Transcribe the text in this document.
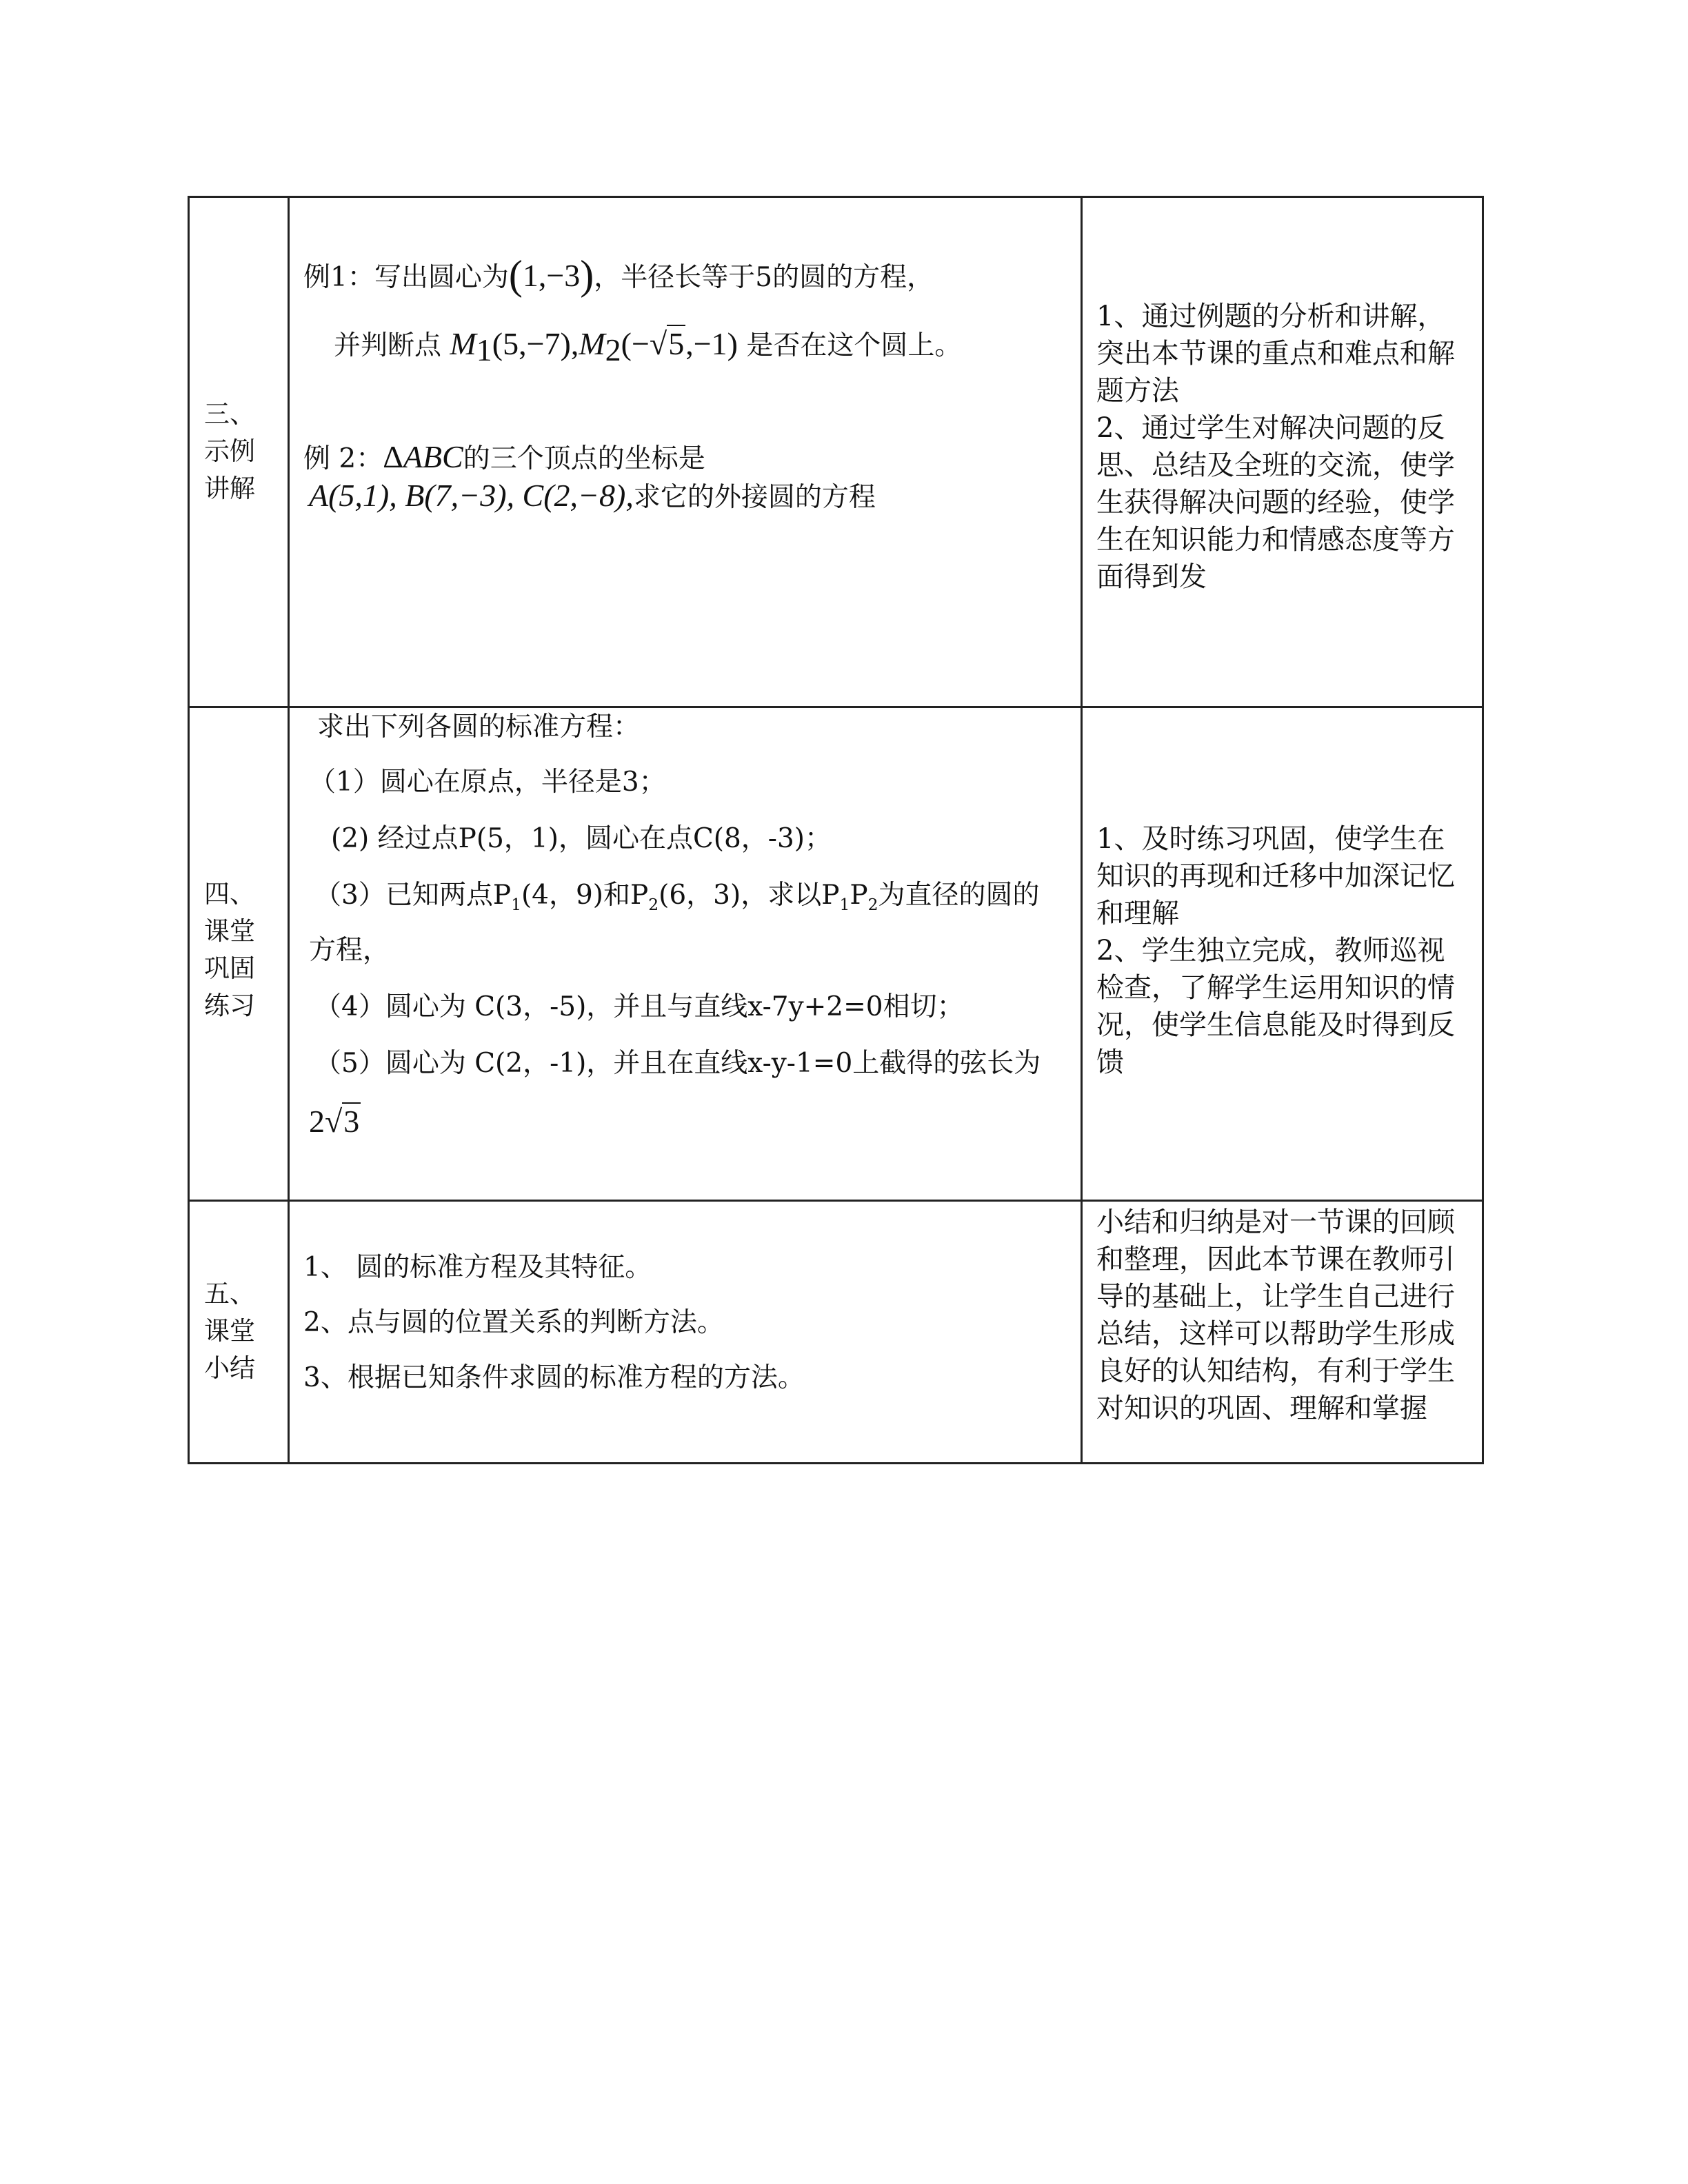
三、
示例
讲解
例1：写出圆心为(1,−3)，半径长等于5的圆的方程，
并判断点 $M_1(5,-7),M_2(-√5,-1)$ 是否在这个圆上。
例 2：ΔABC的三个顶点的坐标是
A(5,1), B(7,−3), C(2,−8),求它的外接圆的方程

1、通过例题的分析和讲解，突出本节课的重点和难点和解题方法

2、通过学生对解决问题的反思、总结及全班的交流，使学生获得解决问题的经验，使学生在知识能力和情感态度等方面得到发

四、
课堂
巩固
练习
求出下列各圆的标准方程：
（1）圆心在原点，半径是3；
(2) 经过点P(5，1)，圆心在点C(8，-3)；
（3）已知两点$P_1(4$，9)和$P_2(6$，3)，求以$P_1P_2$为直径的圆的
方程，
（4）圆心为 C(3，-5)，并且与直线x-7y+2=0相切；
（5）圆心为 C(2，-1)，并且在直线x-y-1=0上截得的弦长为
2√3

1、及时练习巩固，使学生在知识的再现和迁移中加深记忆和理解

2、学生独立完成，教师巡视检查，了解学生运用知识的情况，使学生信息能及时得到反馈

五、
课堂
小结
1、 圆的标准方程及其特征。
2、点与圆的位置关系的判断方法。
3、根据已知条件求圆的标准方程的方法。

小结和归纳是对一节课的回顾和整理，因此本节课在教师引导的基础上，让学生自己进行总结，这样可以帮助学生形成良好的认知结构，有利于学生对知识的巩固、理解和掌握
